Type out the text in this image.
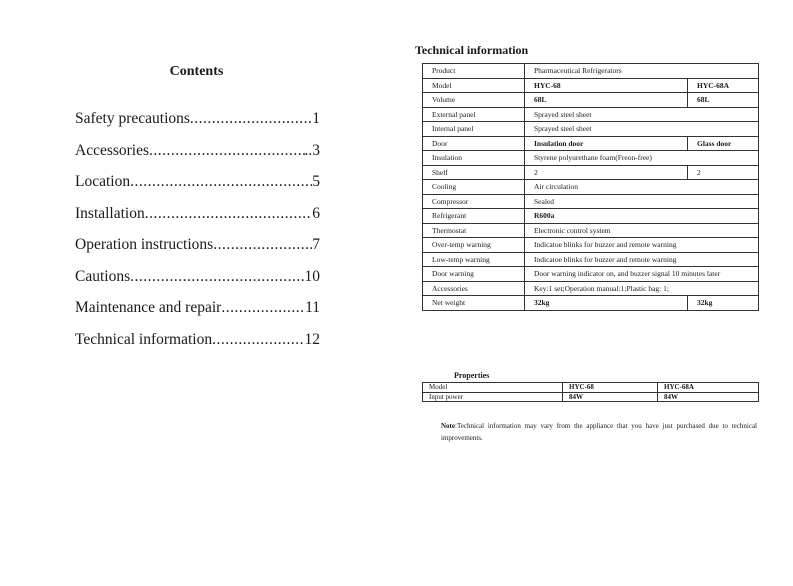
Contents
Safety precautions .....	1
Accessories .....	..3
Location .....	5
Installation .....	6
Operation instructions .....	7
Cautions .....	10
Maintenance and repair .....	11
Technical information .....	12
Technical information
Product	Pharmaceutical Refrigerators	
Model	HYC-68	HYC-68A
Volume	68L	68L
External panel	Sprayed steel sheet	
Internal panel	Sprayed steel sheet	
Door	Insulation door	Glass door
Insulation	Styrene polyurethane foam(Freon-free)	
Shelf	2	2
Cooling	Air circulation	
Compressor	Sealed	
Refrigerant	R600a	
Thermostat	Electronic control system	
Over-temp warning	Indicatoe blinks for buzzer and remote warning	
Low-temp warning	Indicatoe blinks for buzzer and remote warning	
Door warning	Door warning indicator on, and buzzer signal 10 minutes later	
Accessories	Key:1 set;Operation manual:1;Plastic bag: 1;	
Net weight	32kg	32kg
Properties
Model	HYC-68	HYC-68A
Input power	84W	84W
Note:Technical information may vary from the appliance that you have just purchased due to technical improvements.
